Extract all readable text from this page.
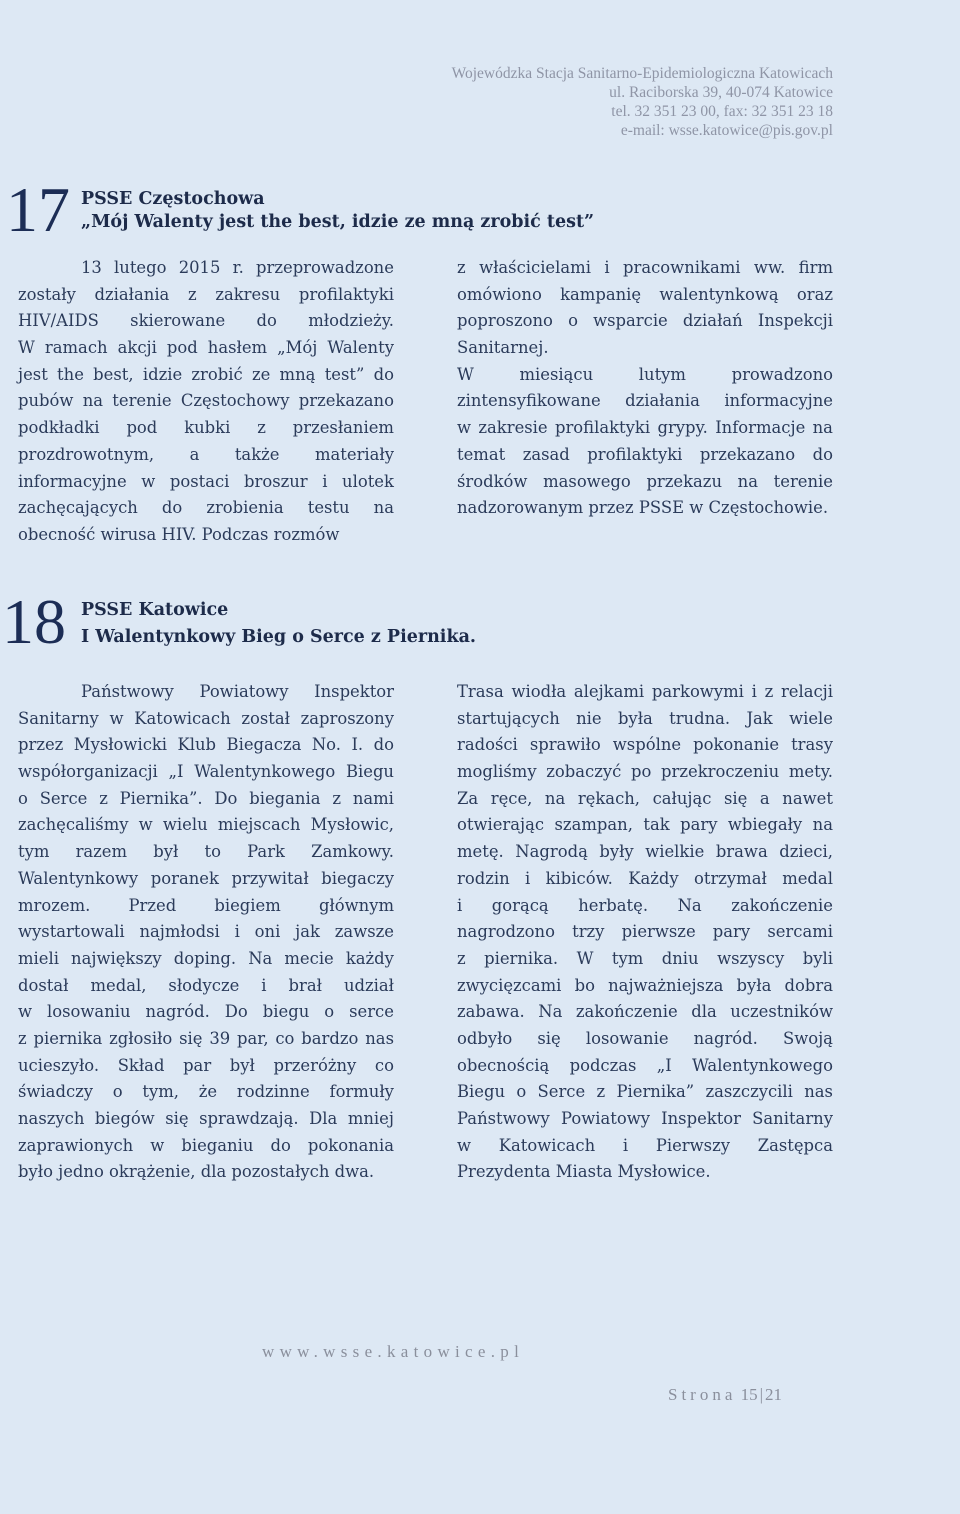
Wojewódzka Stacja Sanitarno-Epidemiologiczna Katowicach
ul. Raciborska 39, 40-074 Katowice
tel. 32 351 23 00, fax: 32 351 23 18
e-mail: wsse.katowice@pis.gov.pl
17 PSSE Częstochowa
„Mój Walenty jest the best, idzie ze mną zrobić test”
13 lutego 2015 r. przeprowadzone
zostały działania z zakresu profilaktyki
HIV/AIDS skierowane do młodzieży.
W ramach akcji pod hasłem „Mój Walenty
jest the best, idzie zrobić ze mną test” do
pubów na terenie Częstochowy przekazano
podkładki pod kubki z przesłaniem
prozdrowotnym, a także materiały
informacyjne w postaci broszur i ulotek
zachęcających do zrobienia testu na
obecność wirusa HIV. Podczas rozmów
z właścicielami i pracownikami ww. firm
omówiono kampanię walentynkową oraz
poproszono o wsparcie działań Inspekcji
Sanitarnej.
W	miesiącu	lutym	prowadzono
zintensyfikowane działania informacyjne
w zakresie profilaktyki grypy. Informacje na
temat zasad profilaktyki przekazano do
środków masowego przekazu na terenie
nadzorowanym przez PSSE w Częstochowie.
18 PSSE Katowice
I Walentynkowy Bieg o Serce z Piernika.
Państwowy Powiatowy Inspektor
Sanitarny w Katowicach został zaproszony
przez Mysłowicki Klub Biegacza No. I. do
współorganizacji „I Walentynkowego Biegu
o Serce z Piernika”. Do biegania z nami
zachęcaliśmy w wielu miejscach Mysłowic,
tym razem był to Park Zamkowy.
Walentynkowy poranek przywitał biegaczy
mrozem. Przed biegiem głównym
wystartowali najmłodsi i oni jak zawsze
mieli największy doping. Na mecie każdy
dostał medal, słodycze i brał udział
w losowaniu nagród. Do biegu o serce
z piernika zgłosiło się 39 par, co bardzo nas
ucieszyło. Skład par był przeróżny co
świadczy o tym, że rodzinne formuły
naszych biegów się sprawdzają. Dla mniej
zaprawionych w bieganiu do pokonania
było jedno okrążenie, dla pozostałych dwa.
Trasa wiodła alejkami parkowymi i z relacji
startujących nie była trudna. Jak wiele
radości sprawiło wspólne pokonanie trasy
mogliśmy zobaczyć po przekroczeniu mety.
Za ręce, na rękach, całując się a nawet
otwierając szampan, tak pary wbiegały na
metę. Nagrodą były wielkie brawa dzieci,
rodzin i kibiców. Każdy otrzymał medal
i gorącą herbatę. Na zakończenie
nagrodzono trzy pierwsze pary sercami
z piernika. W tym dniu wszyscy byli
zwycięzcami bo najważniejsza była dobra
zabawa. Na zakończenie dla uczestników
odbyło się losowanie nagród. Swoją
obecnością podczas „I Walentynkowego
Biegu o Serce z Piernika” zaszczycili nas
Państwowy Powiatowy Inspektor Sanitarny
w Katowicach i Pierwszy Zastępca
Prezydenta Miasta Mysłowice.
www.wsse.katowice.pl
Strona 15 | 21
